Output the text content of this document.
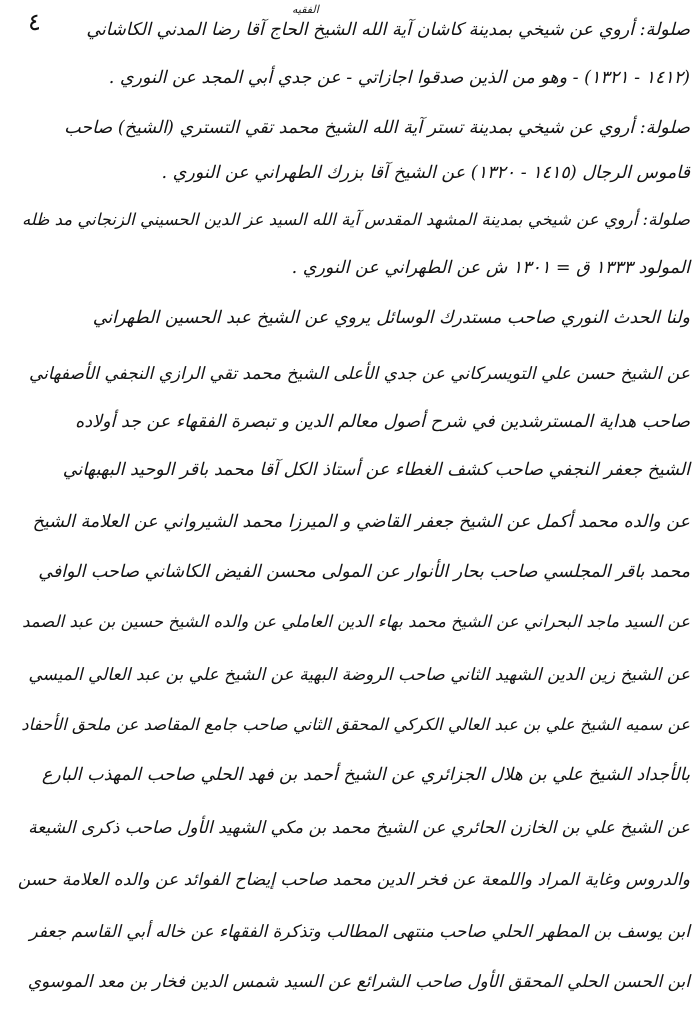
٤	الفقيه
صلولة: أروي عن شيخي بمدينة كاشان آية الله الشيخ الحاج آقا رضا المدني الكاشاني
(١٤١٢ - ١٣٢١) - وهو من الذين صدقوا اجازاتي - عن جدي أبي المجد عن النوري .
صلولة: أروي عن شيخي بمدينة تستر آية الله الشيخ محمد تقي التستري (الشيخ) صاحب
قاموس الرجال (١٤١٥ - ١٣٢٠) عن الشيخ آقا بزرك الطهراني عن النوري .
صلولة: أروي عن شيخي بمدينة المشهد المقدس آية الله السيد عز الدين الحسيني الزنجاني مد ظله
المولود ١٣٣٣ ق = ١٣٠١ ش عن الطهراني عن النوري .
ولنا الحدث النوري صاحب مستدرك الوسائل يروي عن الشيخ عبد الحسين الطهراني
عن الشيخ حسن علي التويسركاني عن جدي الأعلى الشيخ محمد تقي الرازي النجفي الأصفهاني
صاحب هداية المسترشدين في شرح أصول معالم الدين و تبصرة الفقهاء عن جد أولاده
الشيخ جعفر النجفي صاحب كشف الغطاء عن أستاذ الكل آقا محمد باقر الوحيد البهبهاني
عن والده محمد أكمل عن الشيخ جعفر القاضي و الميرزا محمد الشيرواني عن العلامة الشيخ
محمد باقر المجلسي صاحب بحار الأنوار عن المولى محسن الفيض الكاشاني صاحب الوافي
عن السيد ماجد البحراني عن الشيخ محمد بهاء الدين العاملي عن والده الشيخ حسين بن عبد الصمد
عن الشيخ زين الدين الشهيد الثاني صاحب الروضة البهية عن الشيخ علي بن عبد العالي الميسي
عن سميه الشيخ علي بن عبد العالي الكركي المحقق الثاني صاحب جامع المقاصد عن ملحق الأحفاد
بالأجداد الشيخ علي بن هلال الجزائري عن الشيخ أحمد بن فهد الحلي صاحب المهذب البارع
عن الشيخ علي بن الخازن الحائري عن الشيخ محمد بن مكي الشهيد الأول صاحب ذكرى الشيعة
والدروس وغاية المراد واللمعة عن فخر الدين محمد صاحب إيضاح الفوائد عن والده العلامة حسن
ابن يوسف بن المطهر الحلي صاحب منتهى المطالب وتذكرة الفقهاء عن خاله أبي القاسم جعفر
ابن الحسن الحلي المحقق الأول صاحب الشرائع عن السيد شمس الدين فخار بن معد الموسوي
